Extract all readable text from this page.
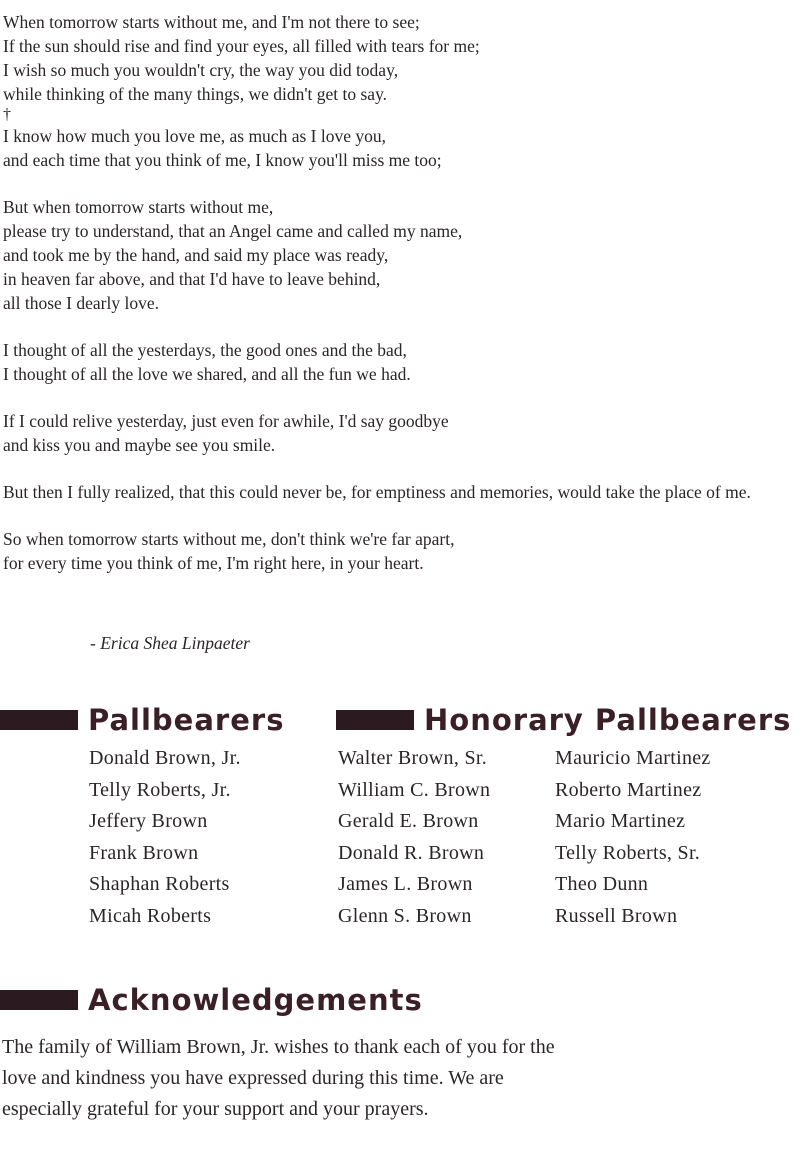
When tomorrow starts without me, and I'm not there to see;
If the sun should rise and find your eyes, all filled with tears for me;
I wish so much you wouldn't cry, the way you did today,
while thinking of the many things, we didn't get to say.
†
I know how much you love me, as much as I love you,
and each time that you think of me, I know you'll miss me too;
But when tomorrow starts without me,
please try to understand, that an Angel came and called my name,
and took me by the hand, and said my place was ready,
in heaven far above, and that I'd have to leave behind,
all those I dearly love.
I thought of all the yesterdays, the good ones and the bad,
I thought of all the love we shared, and all the fun we had.
If I could relive yesterday, just even for awhile, I'd say goodbye
and kiss you and maybe see you smile.
But then I fully realized, that this could never be, for emptiness and memories, would take the place of me.
So when tomorrow starts without me, don't think we're far apart,
for every time you think of me, I'm right here, in your heart.
- Erica Shea Linpaeter
Pallbearers
Donald Brown, Jr.
Telly Roberts, Jr.
Jeffery Brown
Frank Brown
Shaphan Roberts
Micah Roberts
Honorary Pallbearers
Walter Brown, Sr.
William C. Brown
Gerald E. Brown
Donald R. Brown
James L. Brown
Glenn S. Brown
Mauricio Martinez
Roberto Martinez
Mario Martinez
Telly Roberts, Sr.
Theo Dunn
Russell Brown
Acknowledgements
The family of William Brown, Jr. wishes to thank each of you for the
love and kindness you have expressed during this time. We are
especially grateful for your support and your prayers.
